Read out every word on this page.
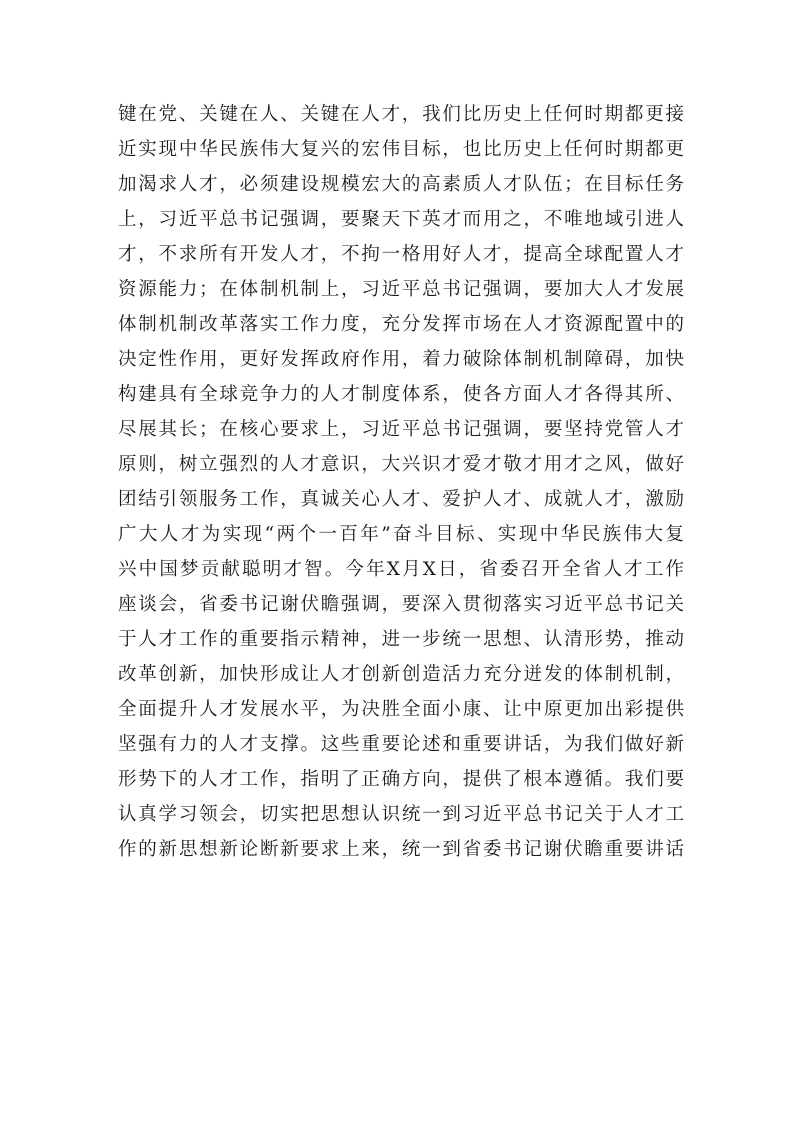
键在党、关键在人、关键在人才，我们比历史上任何时期都更接
近实现中华民族伟大复兴的宏伟目标，也比历史上任何时期都更
加渴求人才，必须建设规模宏大的高素质人才队伍；在目标任务
上，习近平总书记强调，要聚天下英才而用之，不唯地域引进人
才，不求所有开发人才，不拘一格用好人才，提高全球配置人才
资源能力；在体制机制上，习近平总书记强调，要加大人才发展
体制机制改革落实工作力度，充分发挥市场在人才资源配置中的
决定性作用，更好发挥政府作用，着力破除体制机制障碍，加快
构建具有全球竞争力的人才制度体系，使各方面人才各得其所、
尽展其长；在核心要求上，习近平总书记强调，要坚持党管人才
原则，树立强烈的人才意识，大兴识才爱才敬才用才之风，做好
团结引领服务工作，真诚关心人才、爱护人才、成就人才，激励
广大人才为实现“两个一百年”奋斗目标、实现中华民族伟大复
兴中国梦贡献聪明才智。今年X月X日，省委召开全省人才工作
座谈会，省委书记谢伏瞻强调，要深入贯彻落实习近平总书记关
于人才工作的重要指示精神，进一步统一思想、认清形势，推动
改革创新，加快形成让人才创新创造活力充分迸发的体制机制，
全面提升人才发展水平，为决胜全面小康、让中原更加出彩提供
坚强有力的人才支撑。这些重要论述和重要讲话，为我们做好新
形势下的人才工作，指明了正确方向，提供了根本遵循。我们要
认真学习领会，切实把思想认识统一到习近平总书记关于人才工
作的新思想新论断新要求上来，统一到省委书记谢伏瞻重要讲话
